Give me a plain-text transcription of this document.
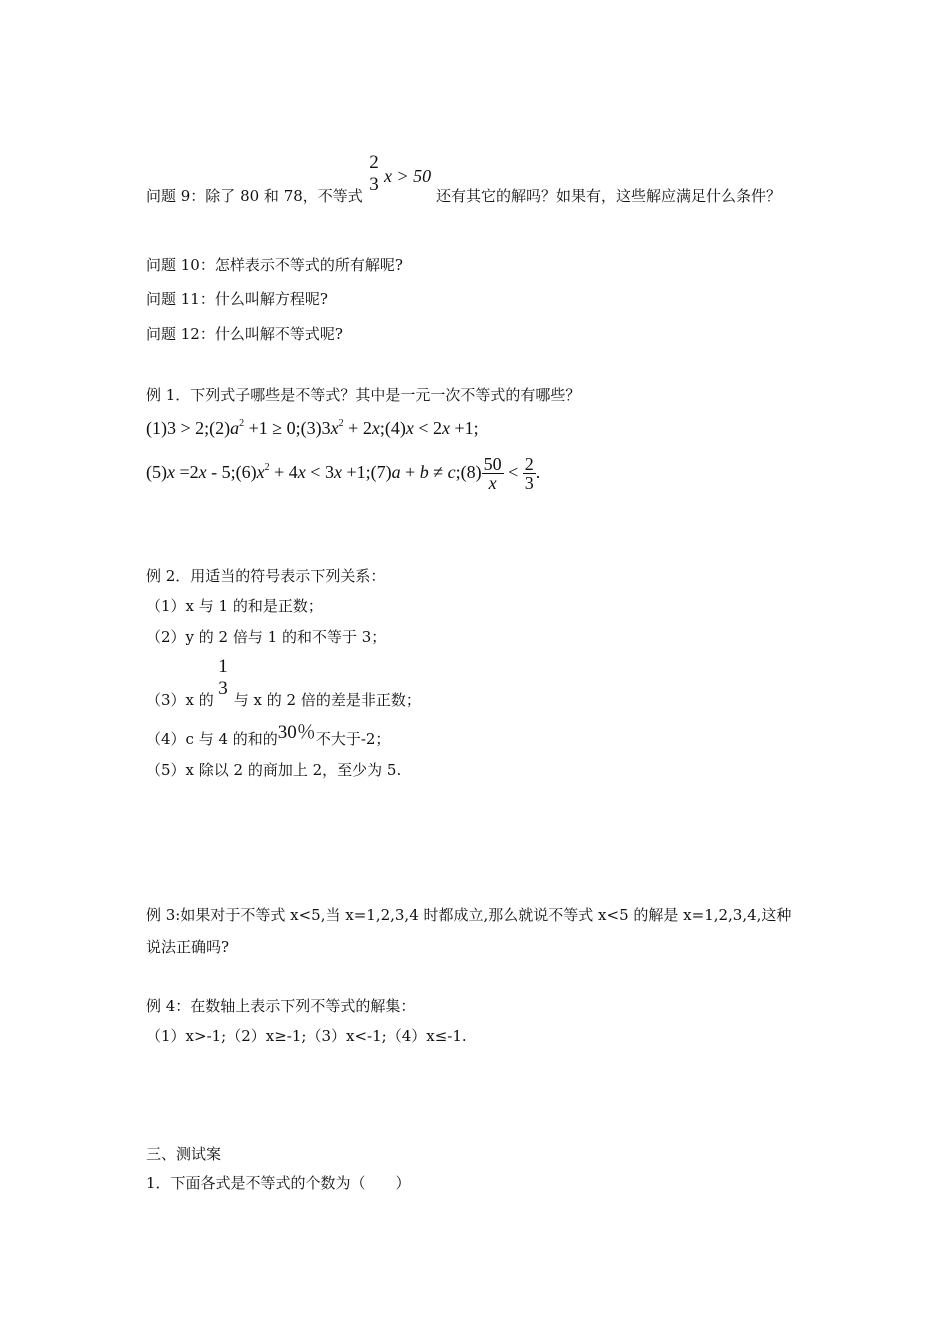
2
3 x > 50
问题 9：除了 80 和 78，不等式	还有其它的解吗？如果有，这些解应满足什么条件？
问题 10：怎样表示不等式的所有解呢?
问题 11：什么叫解方程呢?
问题 12：什么叫解不等式呢?
例 1．下列式子哪些是不等式？其中是一元一次不等式的有哪些？
$(1)3 > 2;(2)a^2 +1$ ≥ $0;(3)3x^2$ + 2x;(4)x < 2x +1;
$(5)x =2x - 5;(6)x^2 + 4x < 3x$ +1;(7)a + b ≠ c;(8) $\frac{50}{x} < \frac{2}{3}$ .
例 2．用适当的符号表示下列关系：
（1）x 与 1 的和是正数；
（2）y 的 2 倍与 1 的和不等于 3；
1
3
（3）x 的 与 x 的 2 倍的差是非正数；
（4）c 与 4 的和的30％不大于-2；
（5）x 除以 2 的商加上 2，至少为 5.
例 3:如果对于不等式 x<5,当 x=1,2,3,4 时都成立,那么就说不等式 x<5 的解是 x=1,2,3,4,这种
说法正确吗?
例 4：在数轴上表示下列不等式的解集：
（1）x>-1;（2）x≥-1;（3）x<-1;（4）x≤-1.
三、测试案
1．下面各式是不等式的个数为（　　）
